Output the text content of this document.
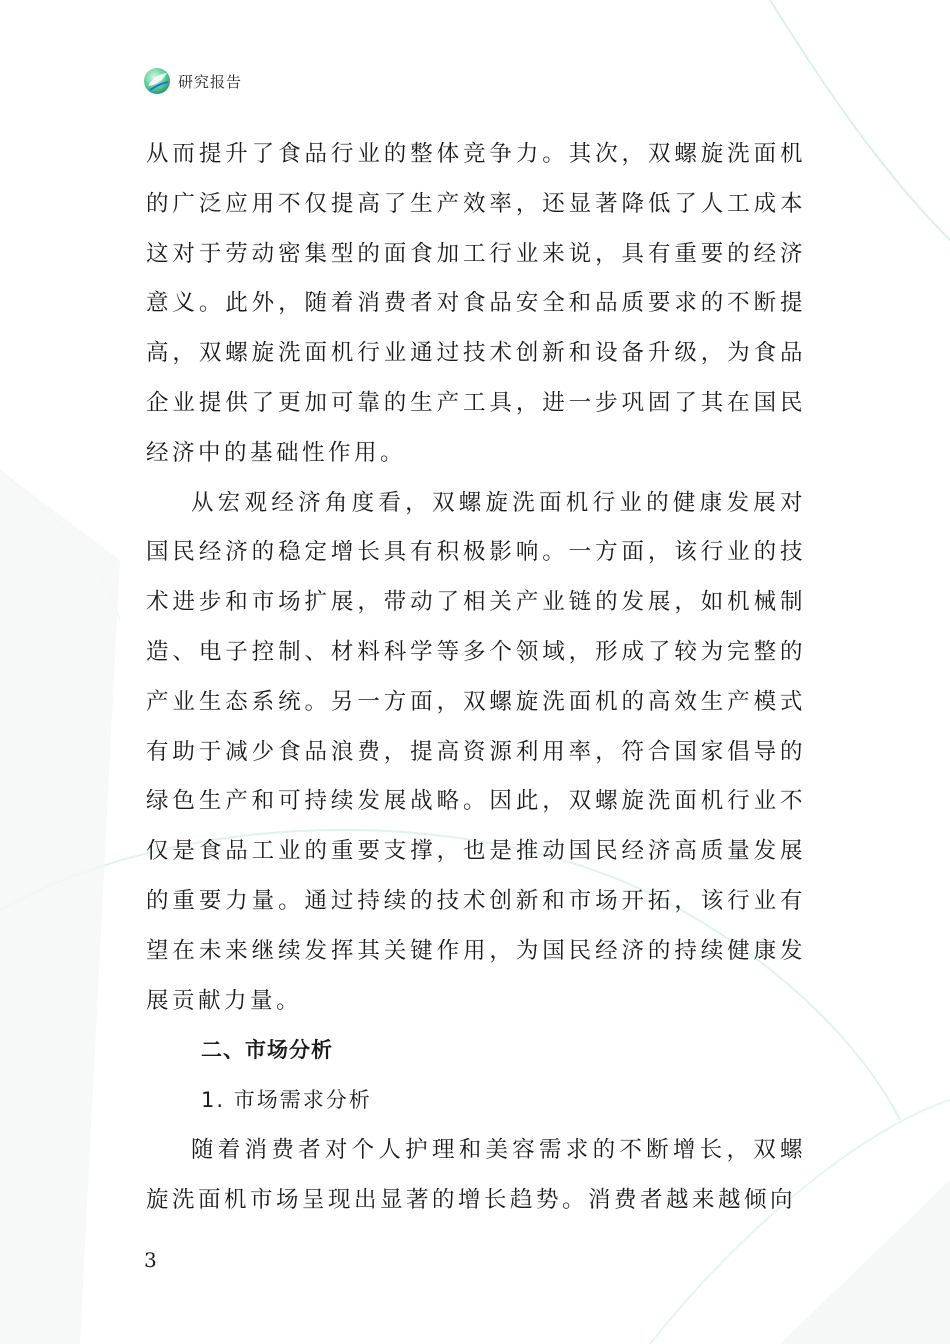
研究报告

从而提升了食品行业的整体竞争力。其次，双螺旋洗面机的广泛应用不仅提高了生产效率，还显著降低了人工成本这对于劳动密集型的面食加工行业来说，具有重要的经济意义。此外，随着消费者对食品安全和品质要求的不断提高，双螺旋洗面机行业通过技术创新和设备升级，为食品企业提供了更加可靠的生产工具，进一步巩固了其在国民经济中的基础性作用。

从宏观经济角度看，双螺旋洗面机行业的健康发展对国民经济的稳定增长具有积极影响。一方面，该行业的技术进步和市场扩展，带动了相关产业链的发展，如机械制造、电子控制、材料科学等多个领域，形成了较为完整的产业生态系统。另一方面，双螺旋洗面机的高效生产模式有助于减少食品浪费，提高资源利用率，符合国家倡导的绿色生产和可持续发展战略。因此，双螺旋洗面机行业不仅是食品工业的重要支撑，也是推动国民经济高质量发展的重要力量。通过持续的技术创新和市场开拓，该行业有望在未来继续发挥其关键作用，为国民经济的持续健康发展贡献力量。

二、市场分析

1. 市场需求分析

随着消费者对个人护理和美容需求的不断增长，双螺旋洗面机市场呈现出显著的增长趋势。消费者越来越倾向

3
